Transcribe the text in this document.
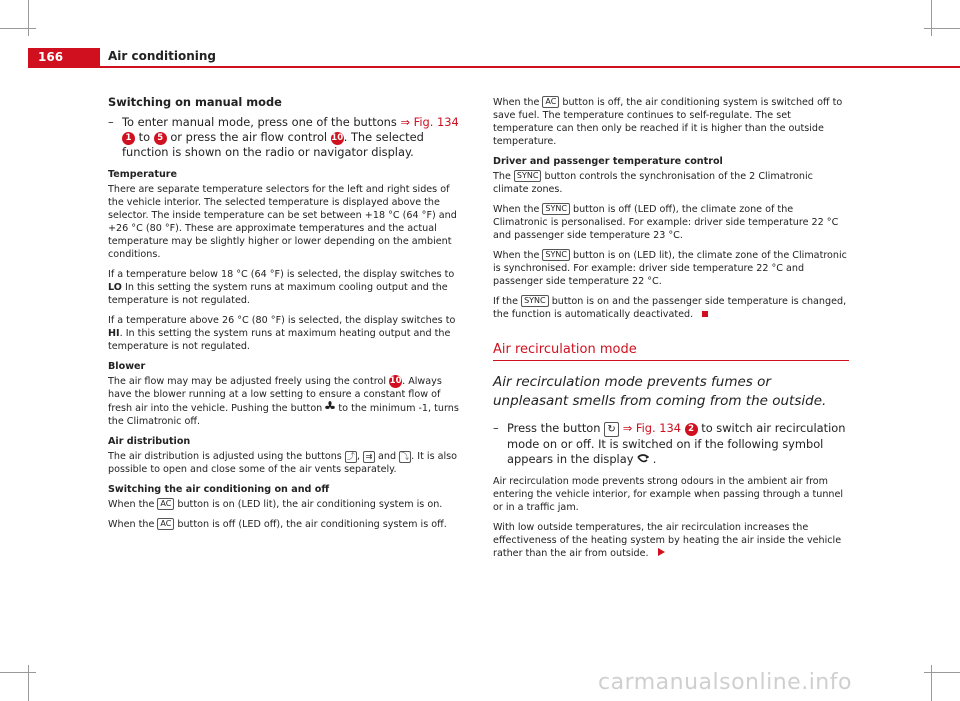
166	Air conditioning

Switching on manual mode

– To enter manual mode, press one of the buttons ⇒ Fig. 134 1 to 5 or press the air flow control 10. The selected function is shown on the radio or navigator display.

Temperature

There are separate temperature selectors for the left and right sides of the vehicle interior. The selected temperature is displayed above the selector. The inside temperature can be set between +18 °C (64 °F) and +26 °C (80 °F). These are approximate temperatures and the actual temperature may be slightly higher or lower depending on the ambient conditions.

If a temperature below 18 °C (64 °F) is selected, the display switches to LO In this setting the system runs at maximum cooling output and the temperature is not regulated.

If a temperature above 26 °C (80 °F) is selected, the display switches to HI. In this setting the system runs at maximum heating output and the temperature is not regulated.

Blower

The air flow may may be adjusted freely using the control 10. Always have the blower running at a low setting to ensure a constant flow of fresh air into the vehicle. Pushing the button to the minimum -1, turns the Climatronic off.

Air distribution

The air distribution is adjusted using the buttons ⤴ , ⇉ and ⤵ . It is also possible to open and close some of the air vents separately.

Switching the air conditioning on and off

When the AC button is on (LED lit), the air conditioning system is on.

When the AC button is off (LED off), the air conditioning system is off.

When the AC button is off, the air conditioning system is switched off to save fuel. The temperature continues to self-regulate. The set temperature can then only be reached if it is higher than the outside temperature.

Driver and passenger temperature control

The SYNC button controls the synchronisation of the 2 Climatronic climate zones.

When the SYNC button is off (LED off), the climate zone of the Climatronic is personalised. For example: driver side temperature 22 °C and passenger side temperature 23 °C.

When the SYNC button is on (LED lit), the climate zone of the Climatronic is synchronised. For example: driver side temperature 22 °C and passenger side temperature 22 °C.

If the SYNC button is on and the passenger side temperature is changed, the function is automatically deactivated.

Air recirculation mode
Air recirculation mode prevents fumes or unpleasant smells from coming from the outside.
– Press the button ↻ ⇒ Fig. 134 2 to switch air recirculation mode on or off. It is switched on if the following symbol appears in the display .

Air recirculation mode prevents strong odours in the ambient air from entering the vehicle interior, for example when passing through a tunnel or in a traffic jam.

With low outside temperatures, the air recirculation increases the effectiveness of the heating system by heating the air inside the vehicle rather than the air from outside.

carmanualsonline.info
